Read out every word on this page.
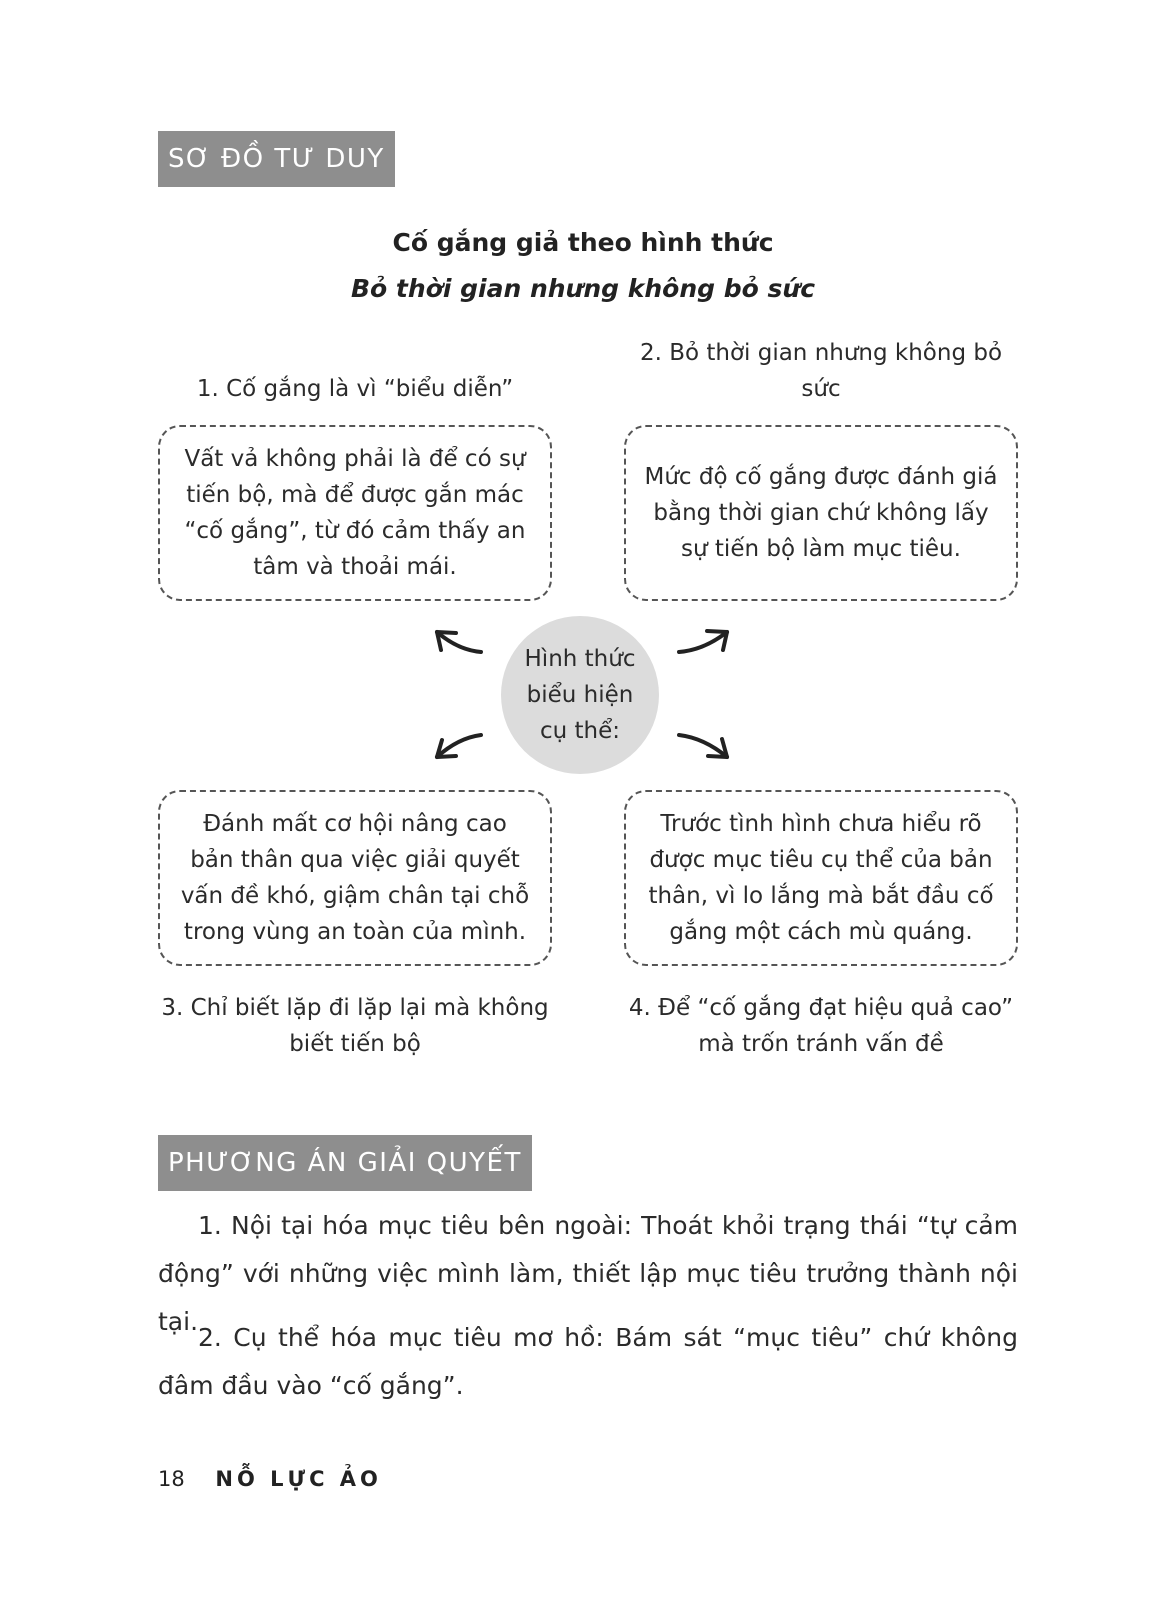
SƠ ĐỒ TƯ DUY
Cố gắng giả theo hình thức
Bỏ thời gian nhưng không bỏ sức
1. Cố gắng là vì “biểu diễn”
2. Bỏ thời gian nhưng không bỏ sức
Vất vả không phải là để có sự tiến bộ, mà để được gắn mác “cố gắng”, từ đó cảm thấy an tâm và thoải mái.
Mức độ cố gắng được đánh giá bằng thời gian chứ không lấy sự tiến bộ làm mục tiêu.
Hình thức biểu hiện cụ thể:
Đánh mất cơ hội nâng cao bản thân qua việc giải quyết vấn đề khó, giậm chân tại chỗ trong vùng an toàn của mình.
Trước tình hình chưa hiểu rõ được mục tiêu cụ thể của bản thân, vì lo lắng mà bắt đầu cố gắng một cách mù quáng.
3. Chỉ biết lặp đi lặp lại mà không biết tiến bộ
4. Để “cố gắng đạt hiệu quả cao” mà trốn tránh vấn đề
PHƯƠNG ÁN GIẢI QUYẾT

1. Nội tại hóa mục tiêu bên ngoài: Thoát khỏi trạng thái “tự cảm động” với những việc mình làm, thiết lập mục tiêu trưởng thành nội tại.

2. Cụ thể hóa mục tiêu mơ hồ: Bám sát “mục tiêu” chứ không đâm đầu vào “cố gắng”.

18 NỖ LỰC ẢO
